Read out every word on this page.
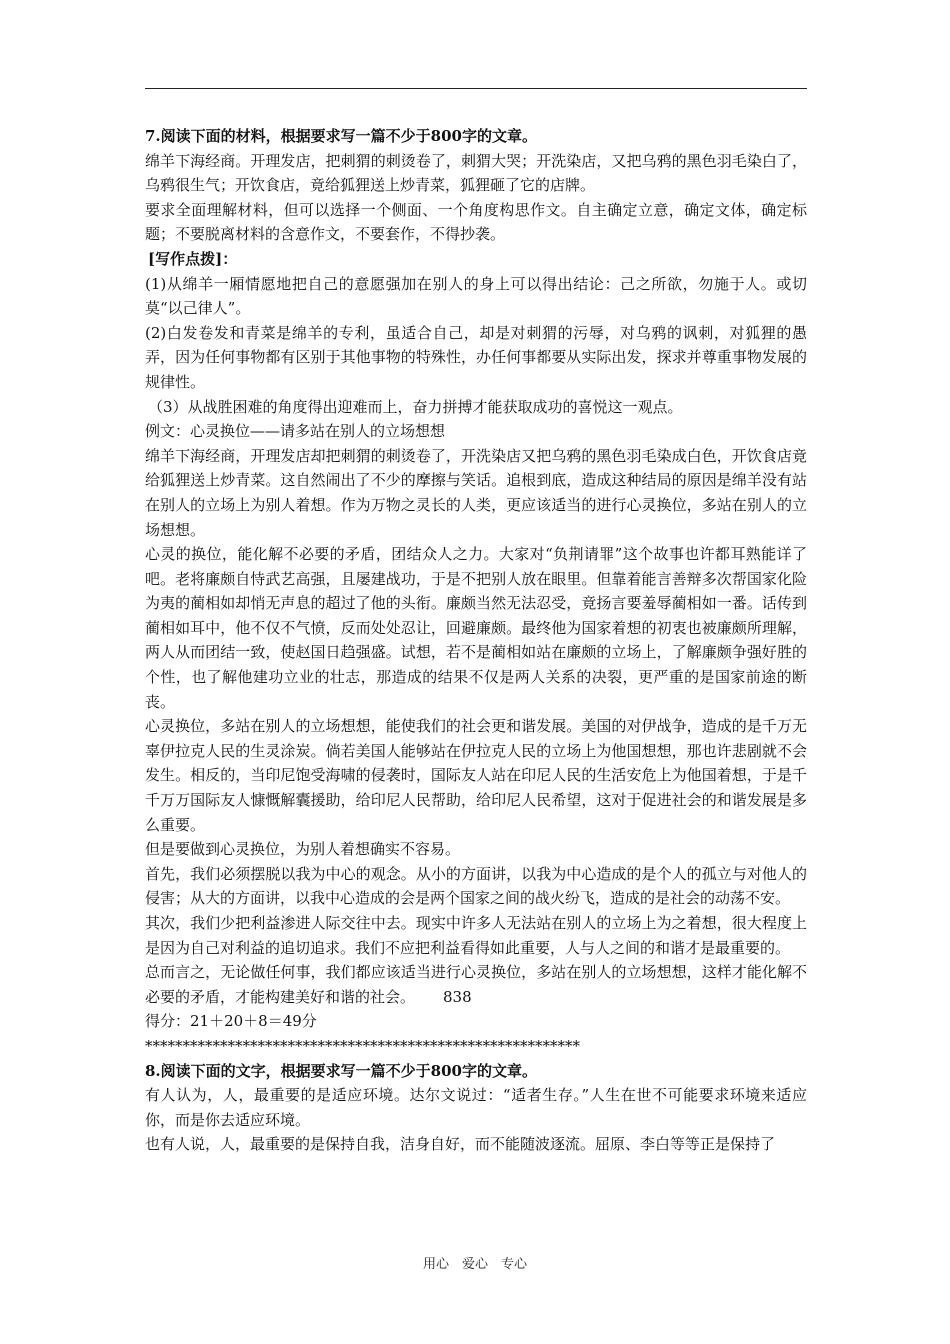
7.阅读下面的材料，根据要求写一篇不少于800字的文章。

绵羊下海经商。开理发店，把刺猬的刺烫卷了，刺猬大哭；开洗染店，又把乌鸦的黑色羽毛染白了，乌鸦很生气；开饮食店，竟给狐狸送上炒青菜，狐狸砸了它的店牌。

要求全面理解材料，但可以选择一个侧面、一个角度构思作文。自主确定立意，确定文体，确定标题；不要脱离材料的含意作文，不要套作，不得抄袭。

[写作点拨]：

(1)从绵羊一厢情愿地把自己的意愿强加在别人的身上可以得出结论：己之所欲，勿施于人。或切莫“以己律人”。

(2)白发卷发和青菜是绵羊的专利，虽适合自己，却是对刺猬的污辱，对乌鸦的讽刺，对狐狸的愚弄，因为任何事物都有区别于其他事物的特殊性，办任何事都要从实际出发，探求并尊重事物发展的规律性。

（3）从战胜困难的角度得出迎难而上，奋力拼搏才能获取成功的喜悦这一观点。

例文：心灵换位——请多站在别人的立场想想

绵羊下海经商，开理发店却把刺猬的刺烫卷了，开洗染店又把乌鸦的黑色羽毛染成白色，开饮食店竟给狐狸送上炒青菜。这自然闹出了不少的摩擦与笑话。追根到底，造成这种结局的原因是绵羊没有站在别人的立场上为别人着想。作为万物之灵长的人类，更应该适当的进行心灵换位，多站在别人的立场想想。

心灵的换位，能化解不必要的矛盾，团结众人之力。大家对“负荆请罪”这个故事也许都耳熟能详了吧。老将廉颇自恃武艺高强，且屡建战功，于是不把别人放在眼里。但靠着能言善辩多次帮国家化险为夷的蔺相如却悄无声息的超过了他的头衔。廉颇当然无法忍受，竟扬言要羞辱蔺相如一番。话传到蔺相如耳中，他不仅不气愤，反而处处忍让，回避廉颇。最终他为国家着想的初衷也被廉颇所理解，两人从而团结一致，使赵国日趋强盛。试想，若不是蔺相如站在廉颇的立场上，了解廉颇争强好胜的个性，也了解他建功立业的壮志，那造成的结果不仅是两人关系的决裂，更严重的是国家前途的断丧。

心灵换位，多站在别人的立场想想，能使我们的社会更和谐发展。美国的对伊战争，造成的是千万无辜伊拉克人民的生灵涂炭。倘若美国人能够站在伊拉克人民的立场上为他国想想，那也许悲剧就不会发生。相反的，当印尼饱受海啸的侵袭时，国际友人站在印尼人民的生活安危上为他国着想，于是千千万万国际友人慷慨解囊援助，给印尼人民帮助，给印尼人民希望，这对于促进社会的和谐发展是多么重要。

但是要做到心灵换位，为别人着想确实不容易。

首先，我们必须摆脱以我为中心的观念。从小的方面讲，以我为中心造成的是个人的孤立与对他人的侵害；从大的方面讲，以我中心造成的会是两个国家之间的战火纷飞，造成的是社会的动荡不安。

其次，我们少把利益渗进人际交往中去。现实中许多人无法站在别人的立场上为之着想，很大程度上是因为自己对利益的追切追求。我们不应把利益看得如此重要，人与人之间的和谐才是最重要的。

总而言之，无论做任何事，我们都应该适当进行心灵换位，多站在别人的立场想想，这样才能化解不必要的矛盾，才能构建美好和谐的社会。 838

得分：21＋20＋8＝49分

**********************************************************

8.阅读下面的文字，根据要求写一篇不少于800字的文章。

有人认为，人，最重要的是适应环境。达尔文说过：“适者生存。”人生在世不可能要求环境来适应你，而是你去适应环境。

也有人说，人，最重要的是保持自我，洁身自好，而不能随波逐流。屈原、李白等等正是保持了

用心　爱心　专心
